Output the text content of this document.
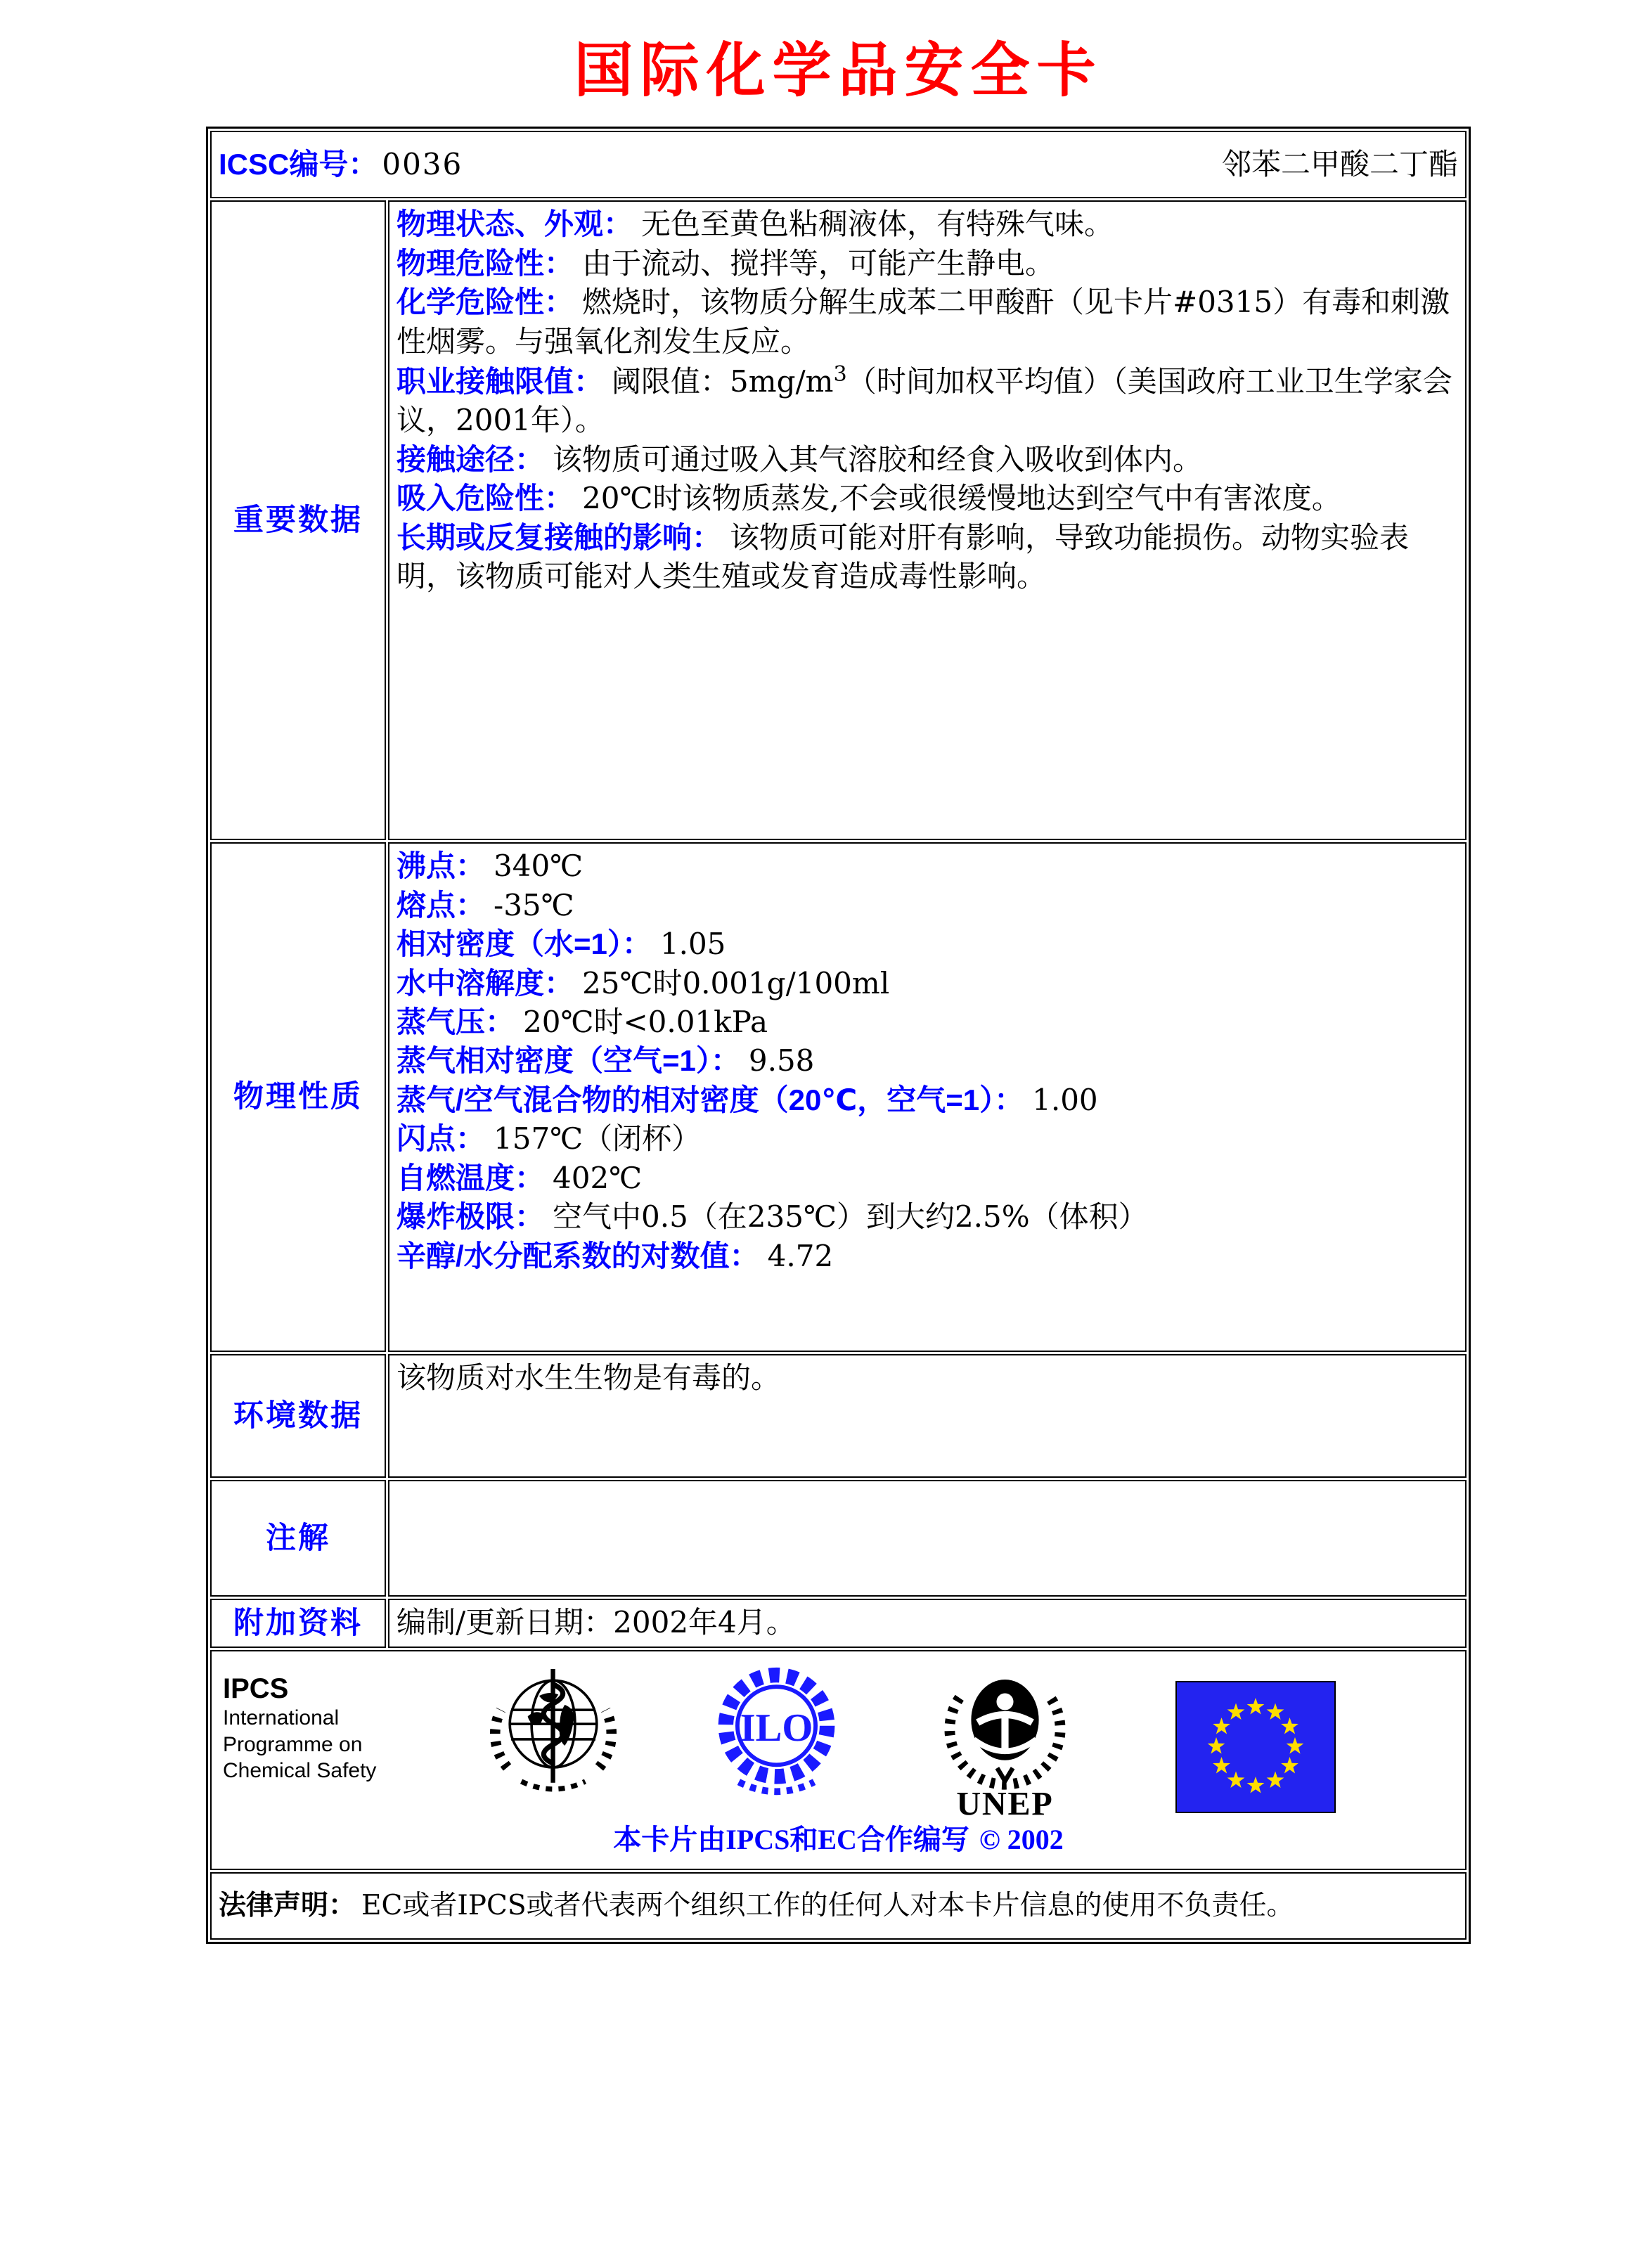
国际化学品安全卡
ICSC编号： 0036 邻苯二甲酸二丁酯	

重要数据	

物理状态、外观： 无色至黄色粘稠液体，有特殊气味。

物理危险性： 由于流动、搅拌等，可能产生静电。

化学危险性： 燃烧时，该物质分解生成苯二甲酸酐（见卡片#0315）有毒和刺激性烟雾。与强氧化剂发生反应。

职业接触限值： 阈限值：$5mg/m^3$（时间加权平均值）（美国政府工业卫生学家会议，2001年）。

接触途径： 该物质可通过吸入其气溶胶和经食入吸收到体内。

吸入危险性： 20℃时该物质蒸发,不会或很缓慢地达到空气中有害浓度。

长期或反复接触的影响： 该物质可能对肝有影响，导致功能损伤。动物实验表明，该物质可能对人类生殖或发育造成毒性影响。

物理性质	
沸点： 340℃
熔点： -35℃
相对密度（水=1）： 1.05
水中溶解度： 25℃时0.001g/100ml
蒸气压： 20℃时<0.01kPa
蒸气相对密度（空气=1）： 9.58
蒸气/空气混合物的相对密度（20℃，空气=1）： 1.00
闪点： 157℃（闭杯）
自燃温度： 402℃
爆炸极限： 空气中0.5（在235℃）到大约2.5%（体积）
辛醇/水分配系数的对数值： 4.72

环境数据	该物质对水生生物是有毒的。
注解	
附加资料	编制/更新日期：2002年4月。

IPCS
International
Programme on
Chemical Safety
ILO
UNEP
本卡片由IPCS和EC合作编写 © 2002

法律声明： EC或者IPCS或者代表两个组织工作的任何人对本卡片信息的使用不负责任。	
